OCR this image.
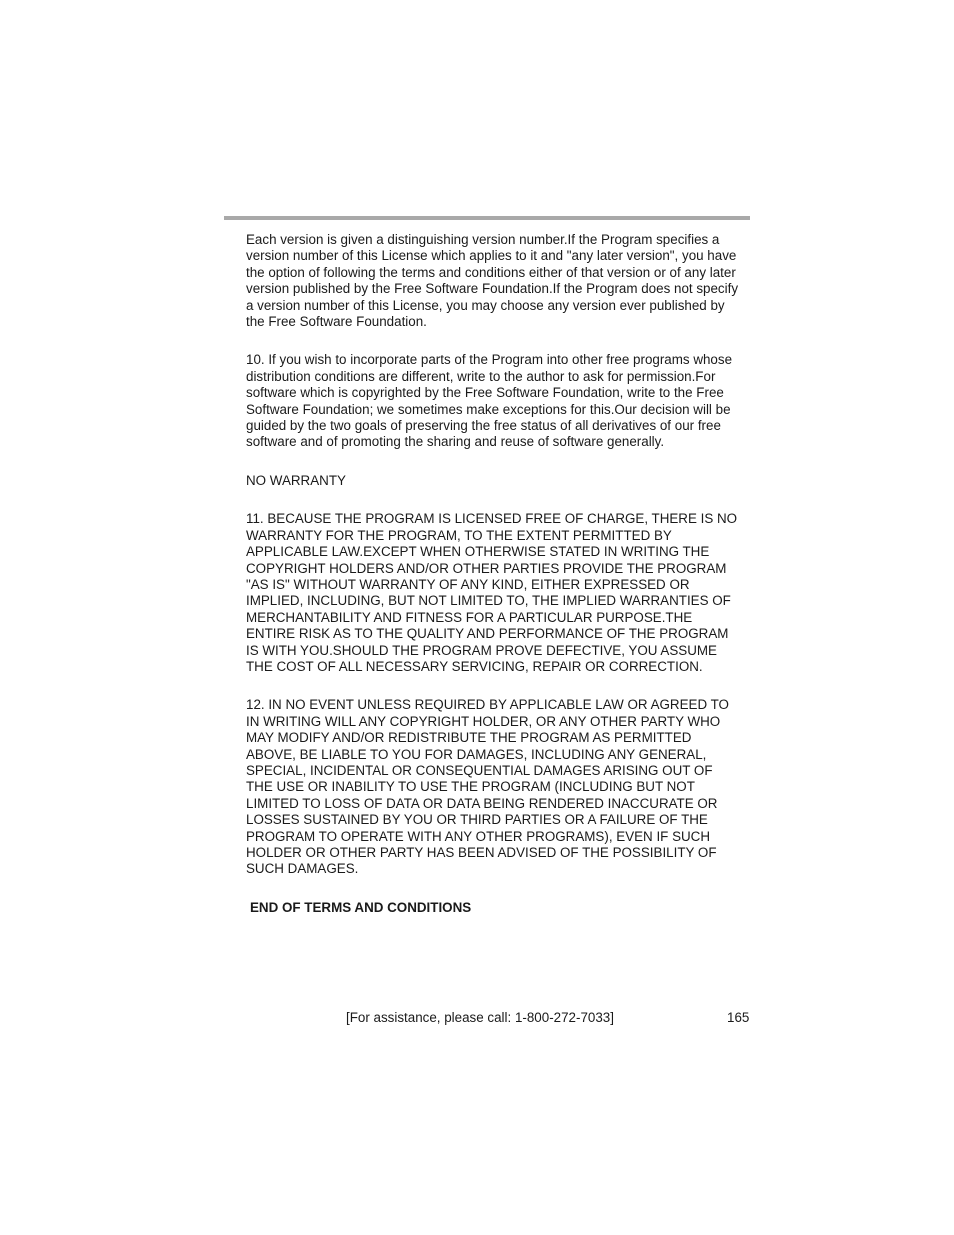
Each version is given a distinguishing version number.If the Program specifies a
version number of this License which applies to it and "any later version", you have
the option of following the terms and conditions either of that version or of any later
version published by the Free Software Foundation.If the Program does not specify
a version number of this License, you may choose any version ever published by
the Free Software Foundation.

10. If you wish to incorporate parts of the Program into other free programs whose
distribution conditions are different, write to the author to ask for permission.For
software which is copyrighted by the Free Software Foundation, write to the Free
Software Foundation; we sometimes make exceptions for this.Our decision will be
guided by the two goals of preserving the free status of all derivatives of our free
software and of promoting the sharing and reuse of software generally.

NO WARRANTY

11. BECAUSE THE PROGRAM IS LICENSED FREE OF CHARGE, THERE IS NO
WARRANTY FOR THE PROGRAM, TO THE EXTENT PERMITTED BY
APPLICABLE LAW.EXCEPT WHEN OTHERWISE STATED IN WRITING THE
COPYRIGHT HOLDERS AND/OR OTHER PARTIES PROVIDE THE PROGRAM
"AS IS" WITHOUT WARRANTY OF ANY KIND, EITHER EXPRESSED OR
IMPLIED, INCLUDING, BUT NOT LIMITED TO, THE IMPLIED WARRANTIES OF
MERCHANTABILITY AND FITNESS FOR A PARTICULAR PURPOSE.THE
ENTIRE RISK AS TO THE QUALITY AND PERFORMANCE OF THE PROGRAM
IS WITH YOU.SHOULD THE PROGRAM PROVE DEFECTIVE, YOU ASSUME
THE COST OF ALL NECESSARY SERVICING, REPAIR OR CORRECTION.

12. IN NO EVENT UNLESS REQUIRED BY APPLICABLE LAW OR AGREED TO
IN WRITING WILL ANY COPYRIGHT HOLDER, OR ANY OTHER PARTY WHO
MAY MODIFY AND/OR REDISTRIBUTE THE PROGRAM AS PERMITTED
ABOVE, BE LIABLE TO YOU FOR DAMAGES, INCLUDING ANY GENERAL,
SPECIAL, INCIDENTAL OR CONSEQUENTIAL DAMAGES ARISING OUT OF
THE USE OR INABILITY TO USE THE PROGRAM (INCLUDING BUT NOT
LIMITED TO LOSS OF DATA OR DATA BEING RENDERED INACCURATE OR
LOSSES SUSTAINED BY YOU OR THIRD PARTIES OR A FAILURE OF THE
PROGRAM TO OPERATE WITH ANY OTHER PROGRAMS), EVEN IF SUCH
HOLDER OR OTHER PARTY HAS BEEN ADVISED OF THE POSSIBILITY OF
SUCH DAMAGES.

END OF TERMS AND CONDITIONS

[For assistance, please call: 1-800-272-7033]	165
